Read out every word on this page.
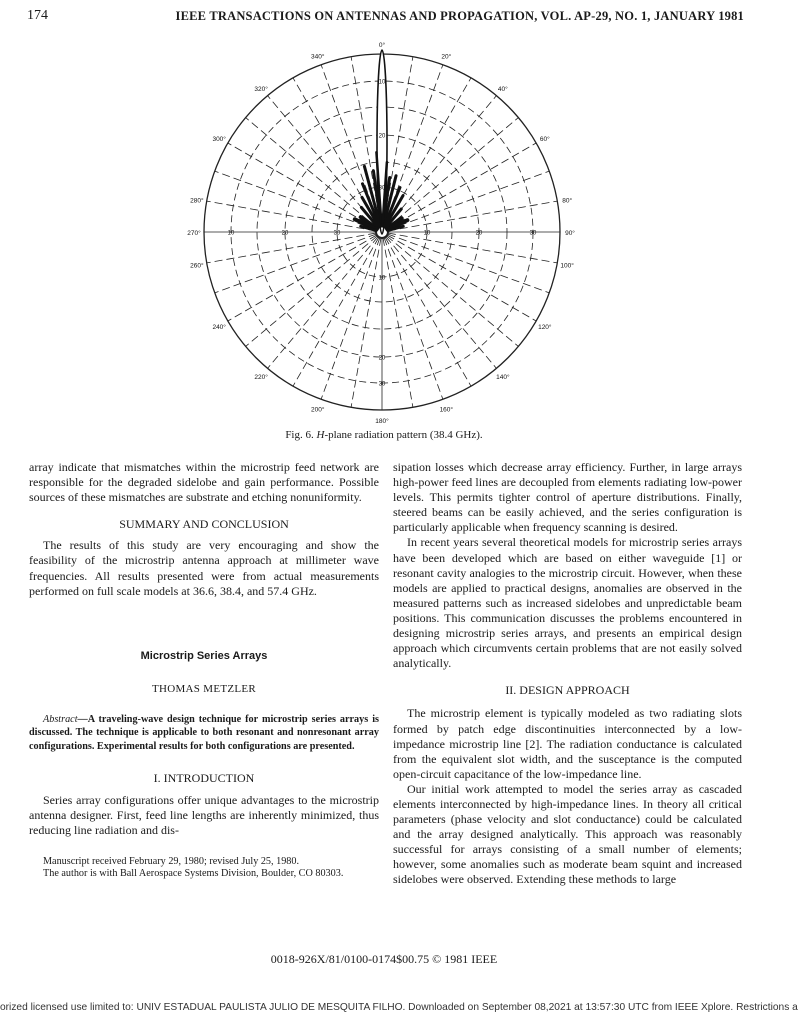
174	IEEE TRANSACTIONS ON ANTENNAS AND PROPAGATION, VOL. AP-29, NO. 1, JANUARY 1981
0°
20°
40°
60°
80°
90°
100°
120°
140°
160°
180°
200°
220°
240°
260°
270°
280°
300°
320°
340°
10	20	30	10	20	30
10
20
30
10
20
30
Fig. 6. H-plane radiation pattern (38.4 GHz).

array indicate that mismatches within the microstrip feed network are responsible for the degraded sidelobe and gain performance. Possible sources of these mismatches are substrate and etching nonuniformity.

SUMMARY AND CONCLUSION

The results of this study are very encouraging and show the feasibility of the microstrip antenna approach at millimeter wave frequencies. All results presented were from actual measurements performed on full scale models at 36.6, 38.4, and 57.4 GHz.

Microstrip Series Arrays
THOMAS METZLER
Abstract—A traveling-wave design technique for microstrip series arrays is discussed. The technique is applicable to both resonant and nonresonant array configurations. Experimental results for both configurations are presented.
I. INTRODUCTION

Series array configurations offer unique advantages to the microstrip antenna designer. First, feed line lengths are inherently minimized, thus reducing line radiation and dis-

Manuscript received February 29, 1980; revised July 25, 1980.

The author is with Ball Aerospace Systems Division, Boulder, CO 80303.

sipation losses which decrease array efficiency. Further, in large arrays high-power feed lines are decoupled from elements radiating low-power levels. This permits tighter control of aperture distributions. Finally, steered beams can be easily achieved, and the series configuration is particularly applicable when frequency scanning is desired.

In recent years several theoretical models for microstrip series arrays have been developed which are based on either waveguide [1] or resonant cavity analogies to the microstrip circuit. However, when these models are applied to practical designs, anomalies are observed in the measured patterns such as increased sidelobes and unpredictable beam positions. This communication discusses the problems encountered in designing microstrip series arrays, and presents an empirical design approach which circumvents certain problems that are not easily solved analytically.

II. DESIGN APPROACH

The microstrip element is typically modeled as two radiating slots formed by patch edge discontinuities interconnected by a low-impedance microstrip line [2]. The radiation conductance is calculated from the equivalent slot width, and the susceptance is the computed open-circuit capacitance of the low-impedance line.

Our initial work attempted to model the series array as cascaded elements interconnected by high-impedance lines. In theory all critical parameters (phase velocity and slot conductance) could be calculated and the array designed analytically. This approach was reasonably successful for arrays consisting of a small number of elements; however, some anomalies such as moderate beam squint and increased sidelobes were observed. Extending these methods to large

0018-926X/81/0100-0174$00.75 © 1981 IEEE
orized licensed use limited to: UNIV ESTADUAL PAULISTA JULIO DE MESQUITA FILHO. Downloaded on September 08,2021 at 13:57:30 UTC from IEEE Xplore. Restrictions a
